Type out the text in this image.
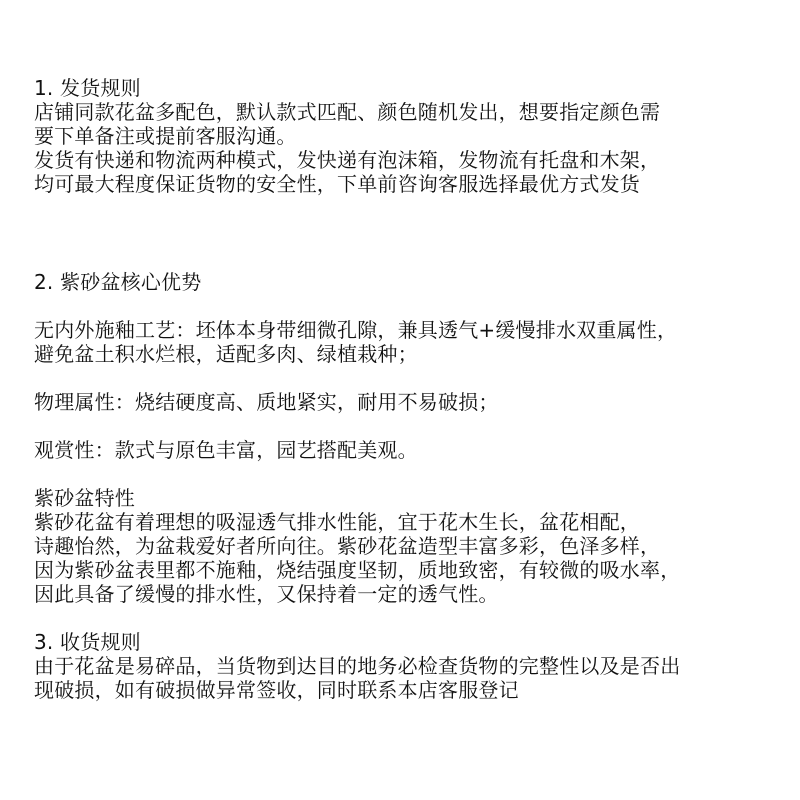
1. 发货规则
店铺同款花盆多配色，默认款式匹配、颜色随机发出，想要指定颜色需
要下单备注或提前客服沟通。
发货有快递和物流两种模式，发快递有泡沫箱，发物流有托盘和木架，
均可最大程度保证货物的安全性，下单前咨询客服选择最优方式发货
2. 紫砂盆核心优势
无内外施釉工艺：坯体本身带细微孔隙，兼具透气+缓慢排水双重属性，
避免盆土积水烂根，适配多肉、绿植栽种；
物理属性：烧结硬度高、质地紧实，耐用不易破损；
观赏性：款式与原色丰富，园艺搭配美观。
紫砂盆特性
紫砂花盆有着理想的吸湿透气排水性能，宜于花木生长，盆花相配，
诗趣怡然，为盆栽爱好者所向往。紫砂花盆造型丰富多彩，色泽多样，
因为紫砂盆表里都不施釉，烧结强度坚韧，质地致密，有较微的吸水率，
因此具备了缓慢的排水性，又保持着一定的透气性。
3. 收货规则
由于花盆是易碎品，当货物到达目的地务必检查货物的完整性以及是否出
现破损，如有破损做异常签收，同时联系本店客服登记
